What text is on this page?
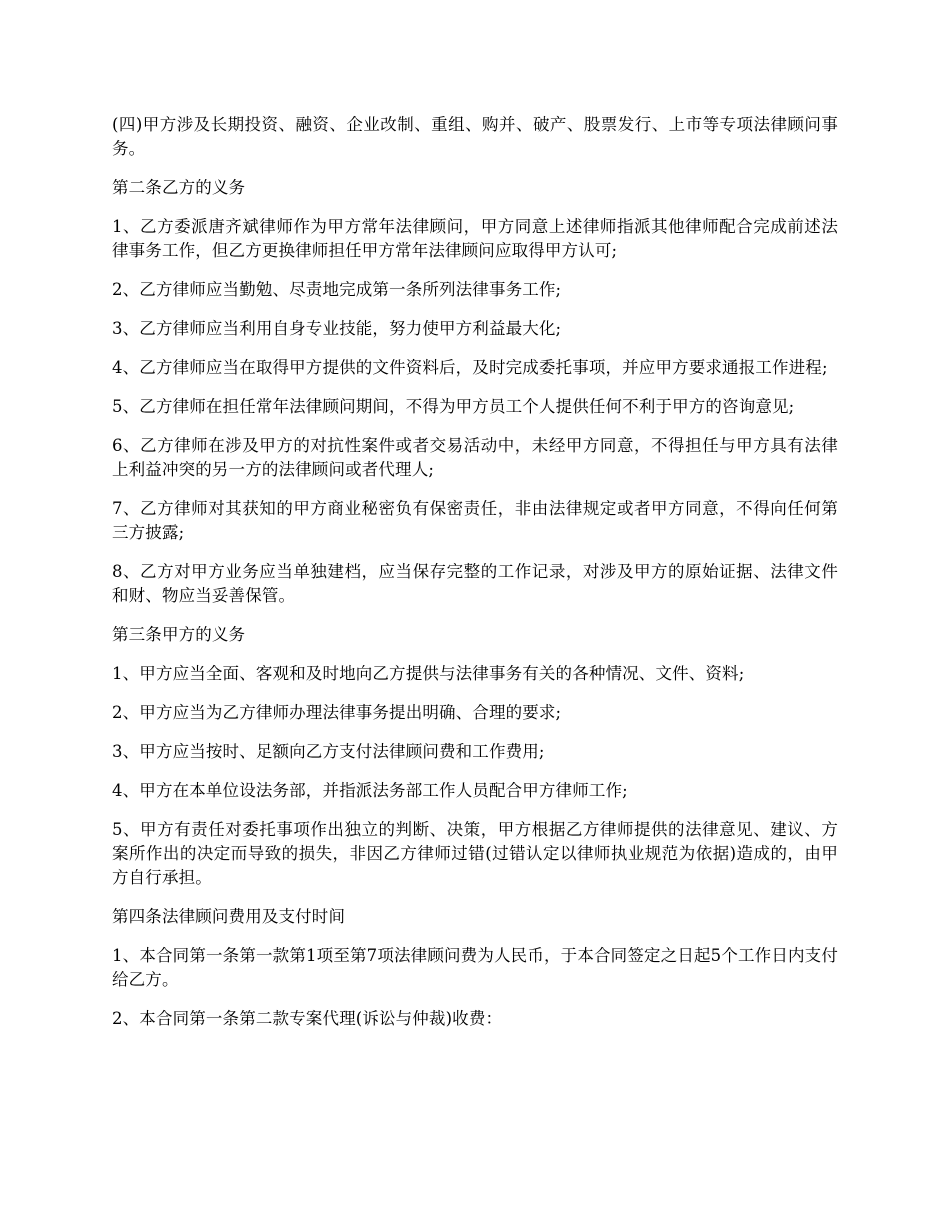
(四)甲方涉及长期投资、融资、企业改制、重组、购并、破产、股票发行、上市等专项法律顾问事务。

第二条乙方的义务

1、乙方委派唐齐斌律师作为甲方常年法律顾问，甲方同意上述律师指派其他律师配合完成前述法律事务工作，但乙方更换律师担任甲方常年法律顾问应取得甲方认可;

2、乙方律师应当勤勉、尽责地完成第一条所列法律事务工作;

3、乙方律师应当利用自身专业技能，努力使甲方利益最大化;

4、乙方律师应当在取得甲方提供的文件资料后，及时完成委托事项，并应甲方要求通报工作进程;

5、乙方律师在担任常年法律顾问期间，不得为甲方员工个人提供任何不利于甲方的咨询意见;

6、乙方律师在涉及甲方的对抗性案件或者交易活动中，未经甲方同意，不得担任与甲方具有法律上利益冲突的另一方的法律顾问或者代理人;

7、乙方律师对其获知的甲方商业秘密负有保密责任，非由法律规定或者甲方同意，不得向任何第三方披露;

8、乙方对甲方业务应当单独建档，应当保存完整的工作记录，对涉及甲方的原始证据、法律文件和财、物应当妥善保管。

第三条甲方的义务

1、甲方应当全面、客观和及时地向乙方提供与法律事务有关的各种情况、文件、资料;

2、甲方应当为乙方律师办理法律事务提出明确、合理的要求;

3、甲方应当按时、足额向乙方支付法律顾问费和工作费用;

4、甲方在本单位设法务部，并指派法务部工作人员配合甲方律师工作;

5、甲方有责任对委托事项作出独立的判断、决策，甲方根据乙方律师提供的法律意见、建议、方案所作出的决定而导致的损失，非因乙方律师过错(过错认定以律师执业规范为依据)造成的，由甲方自行承担。

第四条法律顾问费用及支付时间

1、本合同第一条第一款第1项至第7项法律顾问费为人民币，于本合同签定之日起5个工作日内支付给乙方。

2、本合同第一条第二款专案代理(诉讼与仲裁)收费：
